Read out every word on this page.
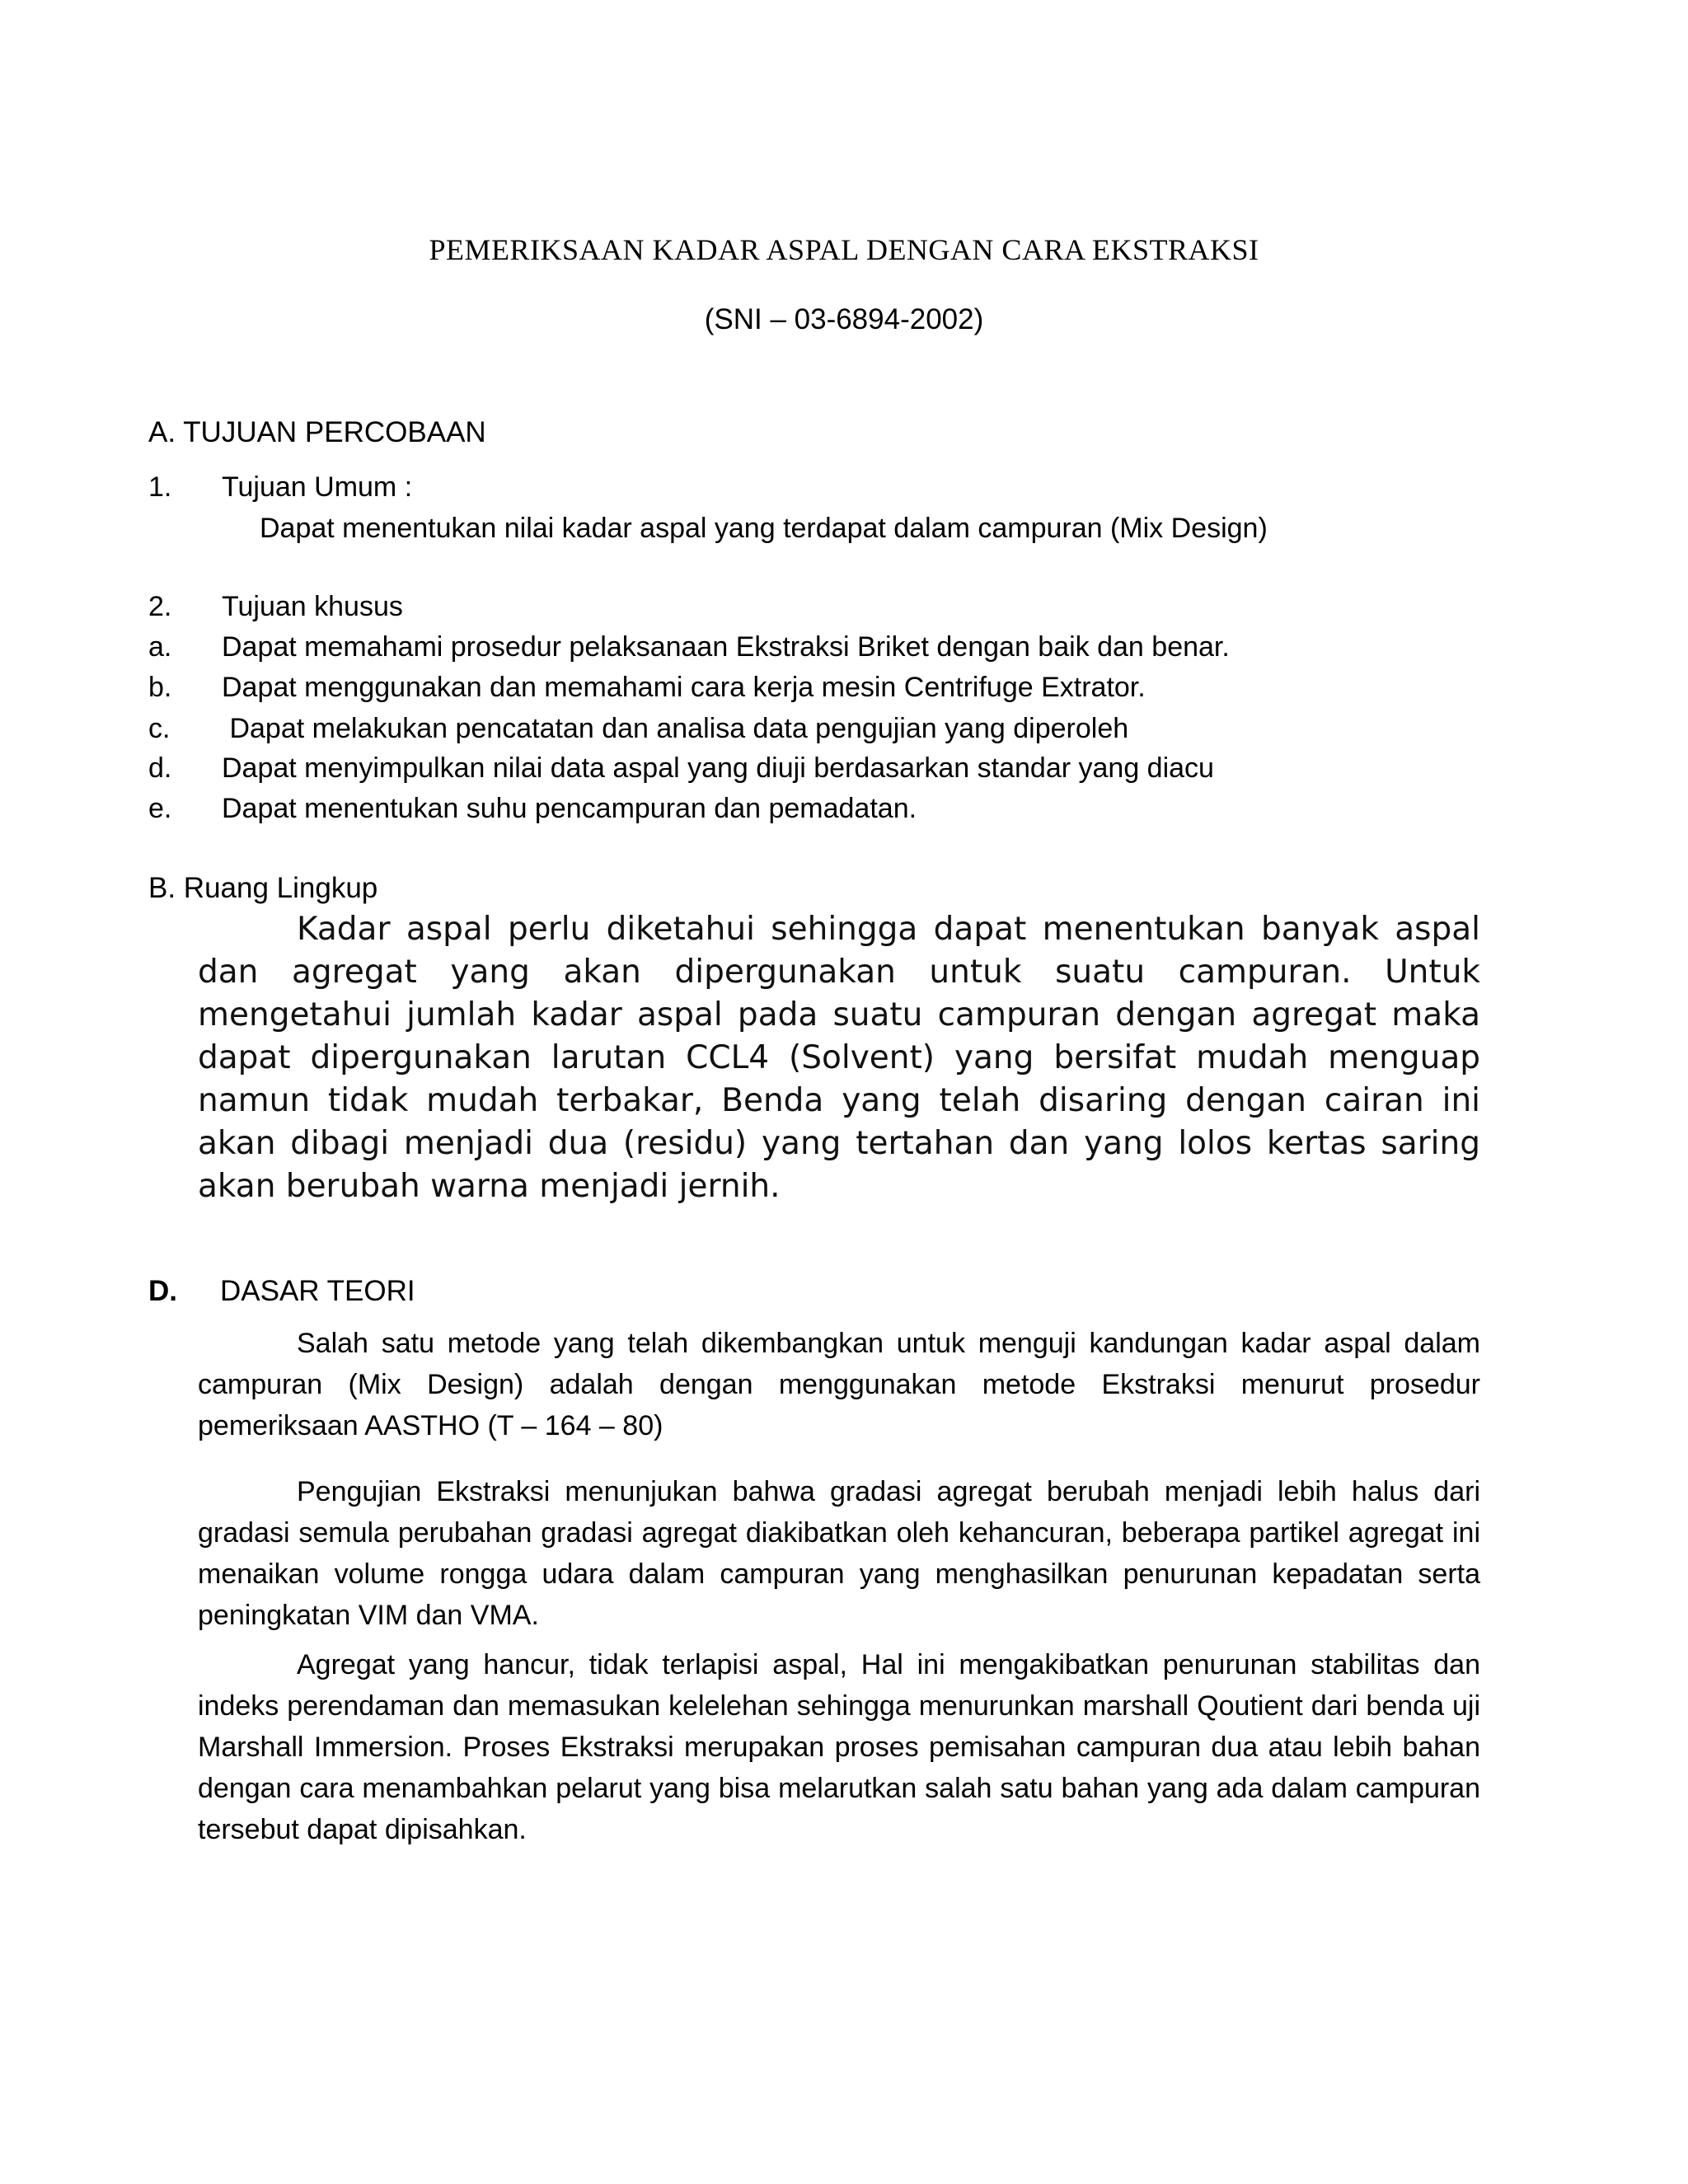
PEMERIKSAAN KADAR ASPAL DENGAN CARA EKSTRAKSI
(SNI – 03-6894-2002)
A. TUJUAN PERCOBAAN
1. Tujuan Umum :
Dapat menentukan nilai kadar aspal yang terdapat dalam campuran (Mix Design)
2. Tujuan khusus
a. Dapat memahami prosedur pelaksanaan Ekstraksi Briket dengan baik dan benar.
b. Dapat menggunakan dan memahami cara kerja mesin Centrifuge Extrator.
c. Dapat melakukan pencatatan dan analisa data pengujian yang diperoleh
d. Dapat menyimpulkan nilai data aspal yang diuji berdasarkan standar yang diacu
e. Dapat menentukan suhu pencampuran dan pemadatan.
B. Ruang Lingkup
Kadar aspal perlu diketahui sehingga dapat menentukan banyak aspal dan agregat yang akan dipergunakan untuk suatu campuran. Untuk mengetahui jumlah kadar aspal pada suatu campuran dengan agregat maka dapat dipergunakan larutan CCL4 (Solvent) yang bersifat mudah menguap namun tidak mudah terbakar, Benda yang telah disaring dengan cairan ini akan dibagi menjadi dua (residu) yang tertahan dan yang lolos kertas saring akan berubah warna menjadi jernih.
D. DASAR TEORI
Salah satu metode yang telah dikembangkan untuk menguji kandungan kadar aspal dalam campuran (Mix Design) adalah dengan menggunakan metode Ekstraksi menurut prosedur pemeriksaan AASTHO (T – 164 – 80)
Pengujian Ekstraksi menunjukan bahwa gradasi agregat berubah menjadi lebih halus dari gradasi semula perubahan gradasi agregat diakibatkan oleh kehancuran, beberapa partikel agregat ini menaikan volume rongga udara dalam campuran yang menghasilkan penurunan kepadatan serta peningkatan VIM dan VMA.
Agregat yang hancur, tidak terlapisi aspal, Hal ini mengakibatkan penurunan stabilitas dan indeks perendaman dan memasukan kelelehan sehingga menurunkan marshall Qoutient dari benda uji Marshall Immersion. Proses Ekstraksi merupakan proses pemisahan campuran dua atau lebih bahan dengan cara menambahkan pelarut yang bisa melarutkan salah satu bahan yang ada dalam campuran tersebut dapat dipisahkan.
